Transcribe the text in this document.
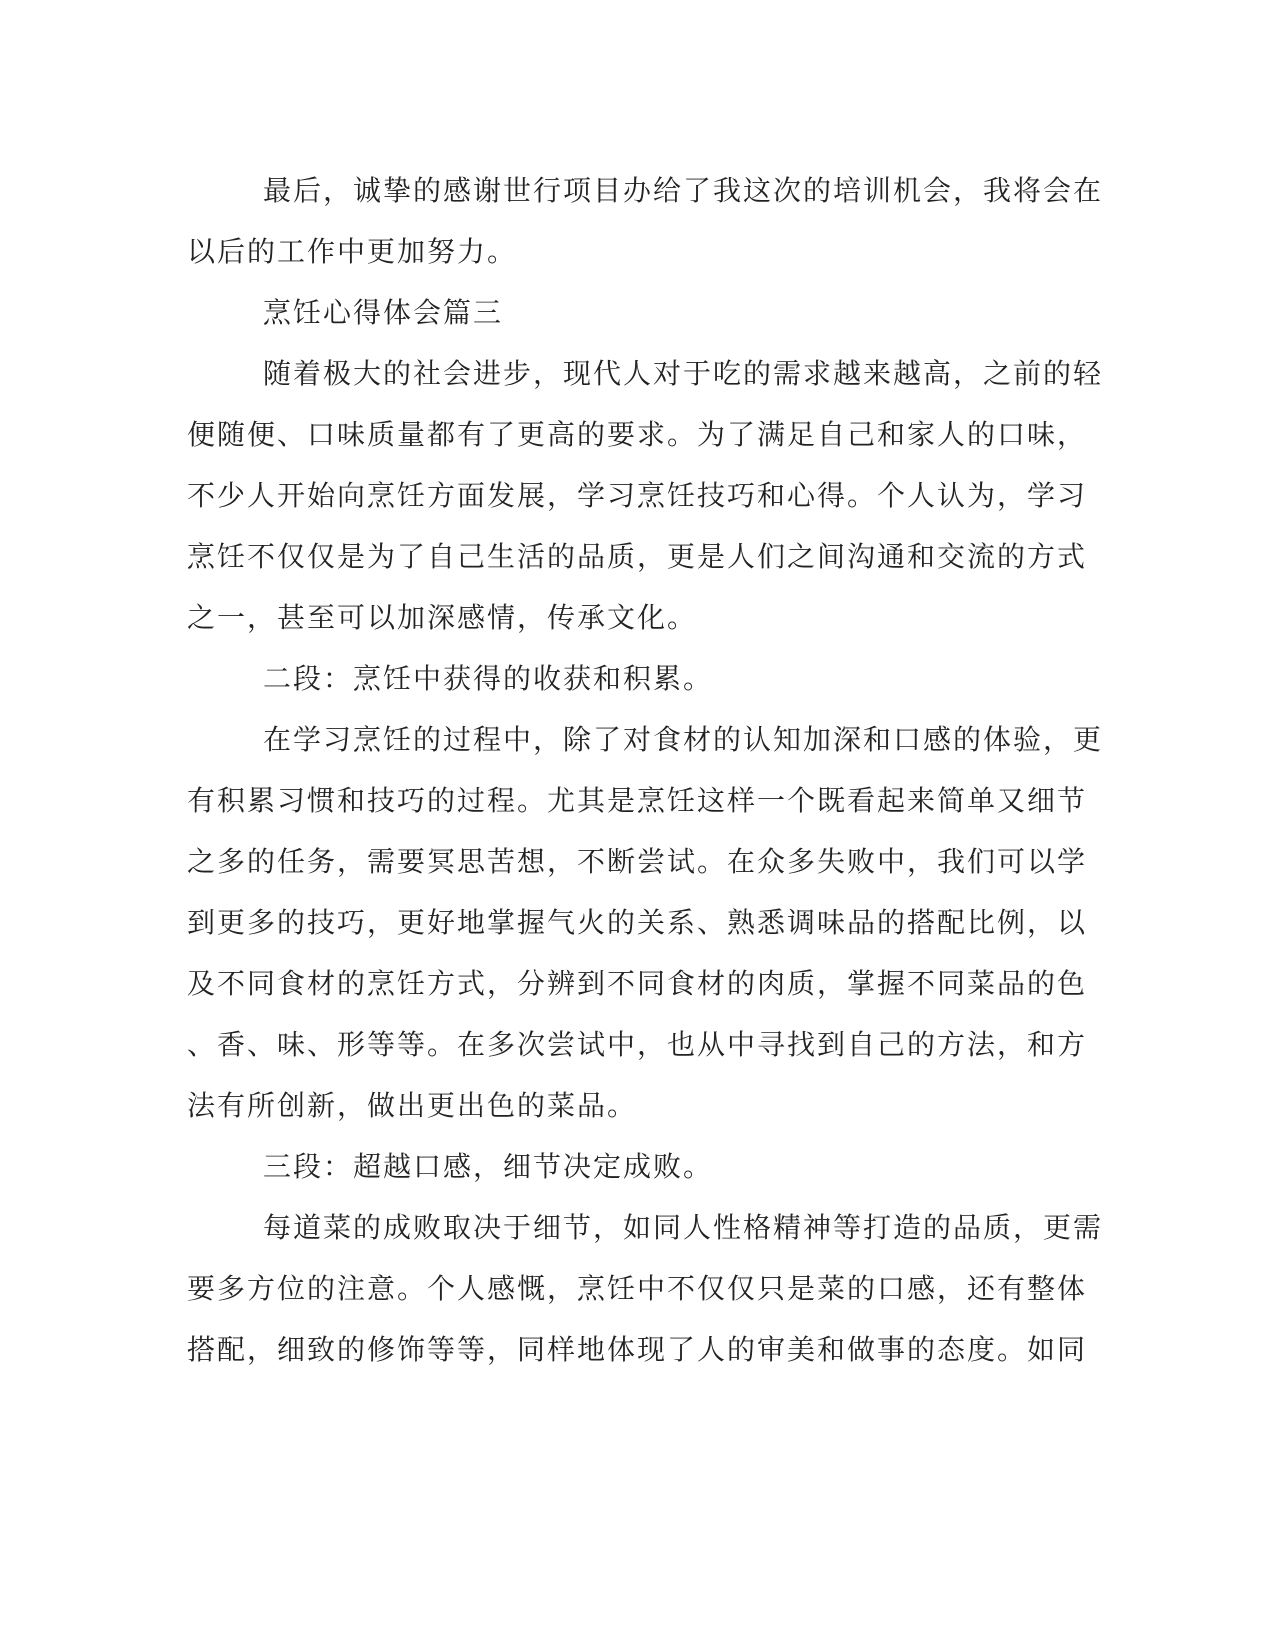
最后，诚挚的感谢世行项目办给了我这次的培训机会，我将会在
以后的工作中更加努力。
烹饪心得体会篇三
随着极大的社会进步，现代人对于吃的需求越来越高，之前的轻
便随便、口味质量都有了更高的要求。为了满足自己和家人的口味，
不少人开始向烹饪方面发展，学习烹饪技巧和心得。个人认为，学习
烹饪不仅仅是为了自己生活的品质，更是人们之间沟通和交流的方式
之一，甚至可以加深感情，传承文化。
二段：烹饪中获得的收获和积累。
在学习烹饪的过程中，除了对食材的认知加深和口感的体验，更
有积累习惯和技巧的过程。尤其是烹饪这样一个既看起来简单又细节
之多的任务，需要冥思苦想，不断尝试。在众多失败中，我们可以学
到更多的技巧，更好地掌握气火的关系、熟悉调味品的搭配比例，以
及不同食材的烹饪方式，分辨到不同食材的肉质，掌握不同菜品的色
、香、味、形等等。在多次尝试中，也从中寻找到自己的方法，和方
法有所创新，做出更出色的菜品。
三段：超越口感，细节决定成败。
每道菜的成败取决于细节，如同人性格精神等打造的品质，更需
要多方位的注意。个人感慨，烹饪中不仅仅只是菜的口感，还有整体
搭配，细致的修饰等等，同样地体现了人的审美和做事的态度。如同
